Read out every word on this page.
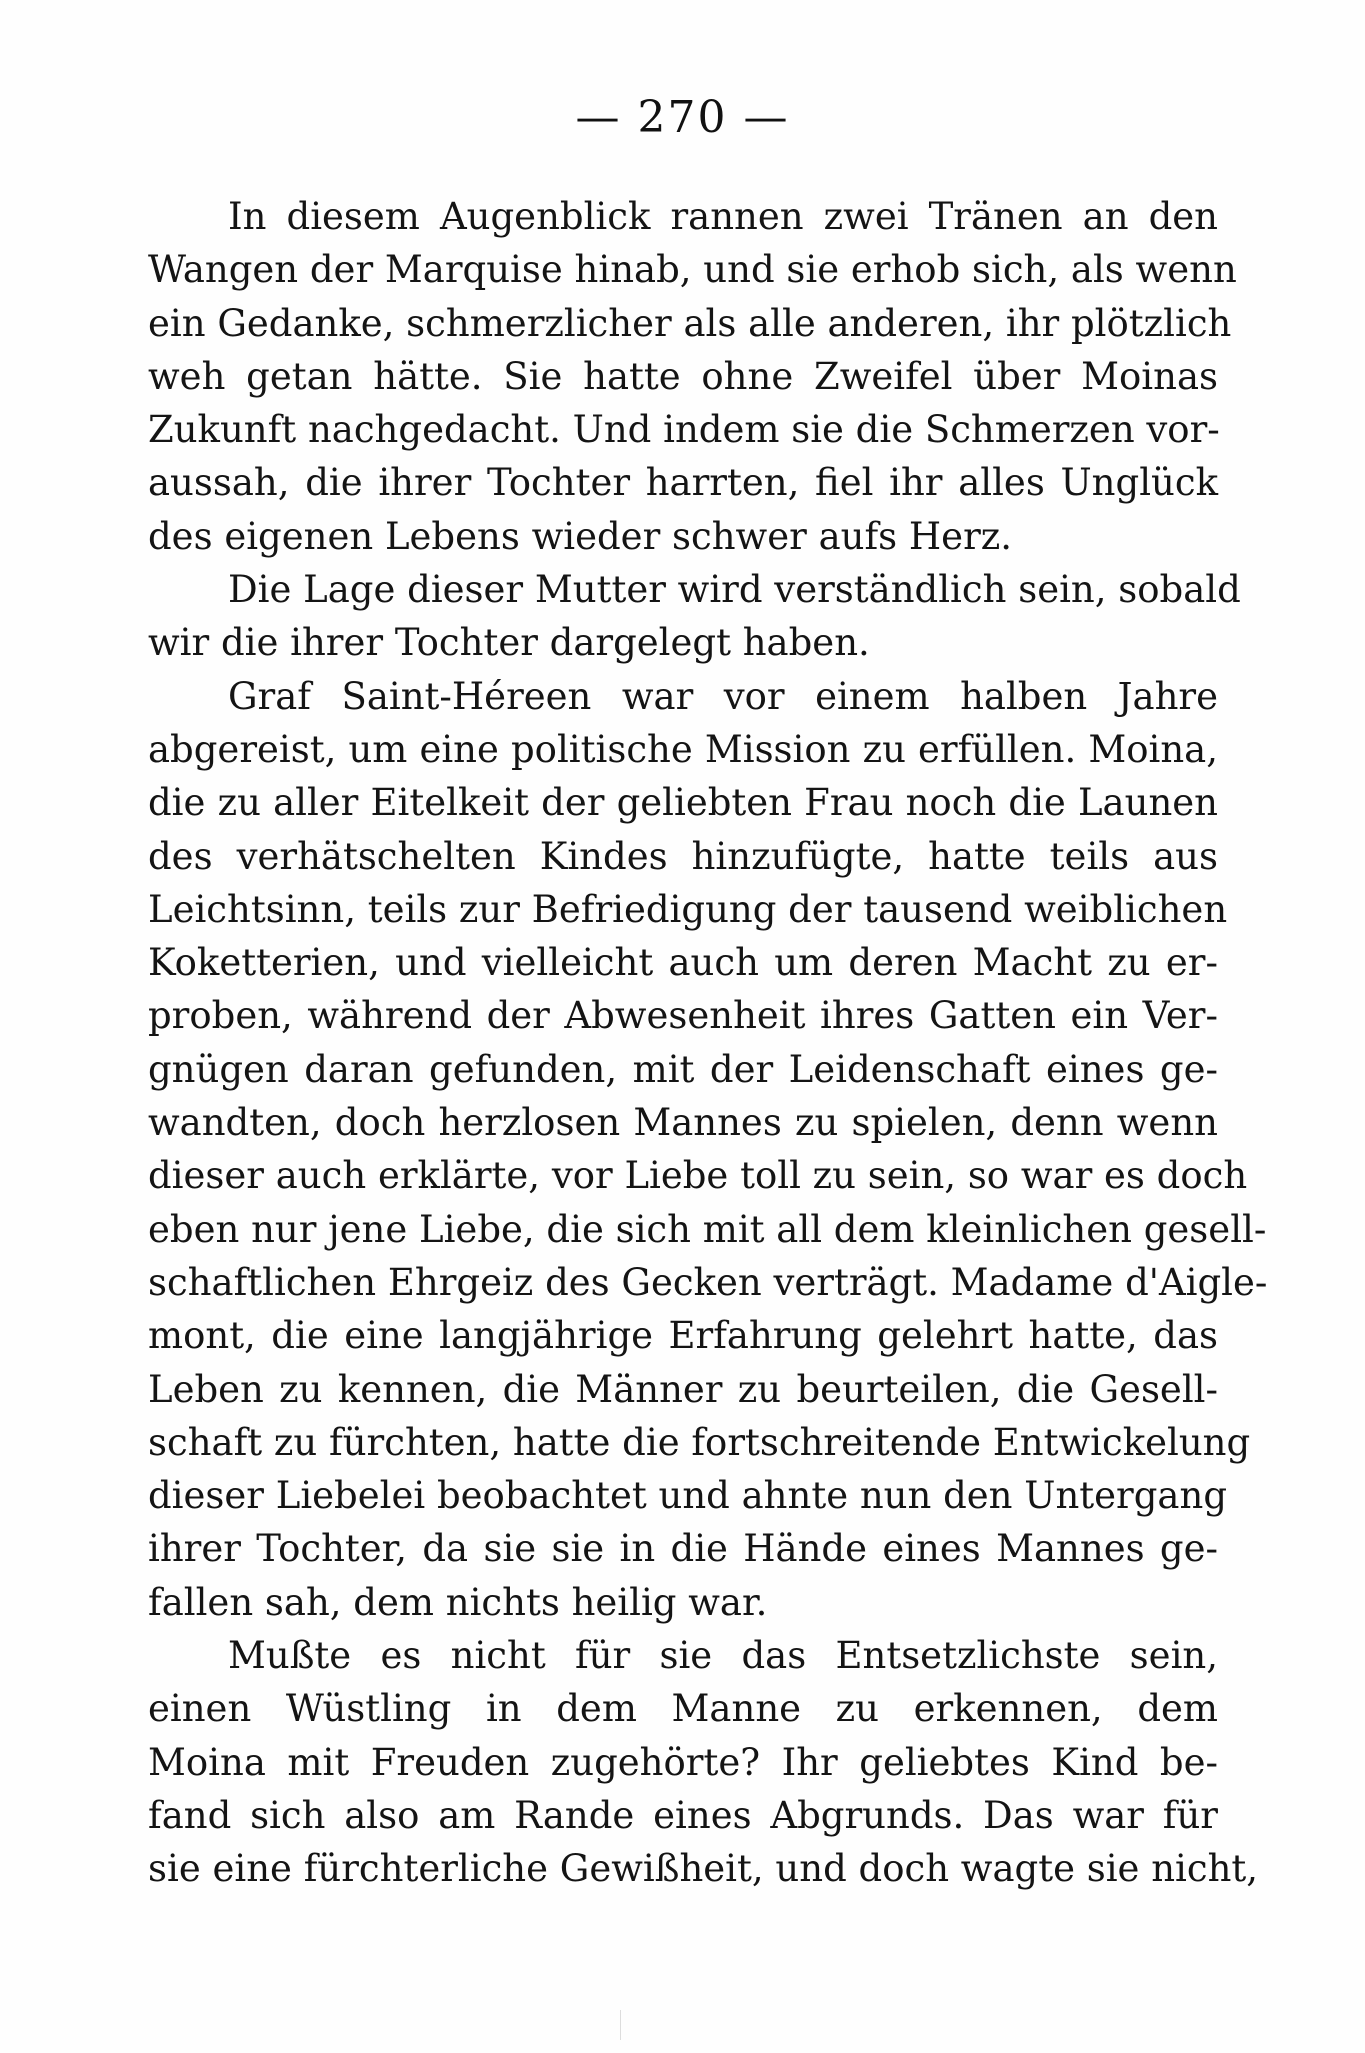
— 270 —
In diesem Augenblick rannen zwei Tränen an den
Wangen der Marquise hinab, und sie erhob sich, als wenn
ein Gedanke, schmerzlicher als alle anderen, ihr plötzlich
weh getan hätte. Sie hatte ohne Zweifel über Moinas
Zukunft nachgedacht. Und indem sie die Schmerzen vor-
aussah, die ihrer Tochter harrten, fiel ihr alles Unglück
des eigenen Lebens wieder schwer aufs Herz.
Die Lage dieser Mutter wird verständlich sein, sobald
wir die ihrer Tochter dargelegt haben.
Graf Saint-Héreen war vor einem halben Jahre
abgereist, um eine politische Mission zu erfüllen. Moina,
die zu aller Eitelkeit der geliebten Frau noch die Launen
des verhätschelten Kindes hinzufügte, hatte teils aus
Leichtsinn, teils zur Befriedigung der tausend weiblichen
Koketterien, und vielleicht auch um deren Macht zu er-
proben, während der Abwesenheit ihres Gatten ein Ver-
gnügen daran gefunden, mit der Leidenschaft eines ge-
wandten, doch herzlosen Mannes zu spielen, denn wenn
dieser auch erklärte, vor Liebe toll zu sein, so war es doch
eben nur jene Liebe, die sich mit all dem kleinlichen gesell-
schaftlichen Ehrgeiz des Gecken verträgt. Madame d'Aigle-
mont, die eine langjährige Erfahrung gelehrt hatte, das
Leben zu kennen, die Männer zu beurteilen, die Gesell-
schaft zu fürchten, hatte die fortschreitende Entwickelung
dieser Liebelei beobachtet und ahnte nun den Untergang
ihrer Tochter, da sie sie in die Hände eines Mannes ge-
fallen sah, dem nichts heilig war.
Mußte es nicht für sie das Entsetzlichste sein,
einen Wüstling in dem Manne zu erkennen, dem
Moina mit Freuden zugehörte? Ihr geliebtes Kind be-
fand sich also am Rande eines Abgrunds. Das war für
sie eine fürchterliche Gewißheit, und doch wagte sie nicht,
